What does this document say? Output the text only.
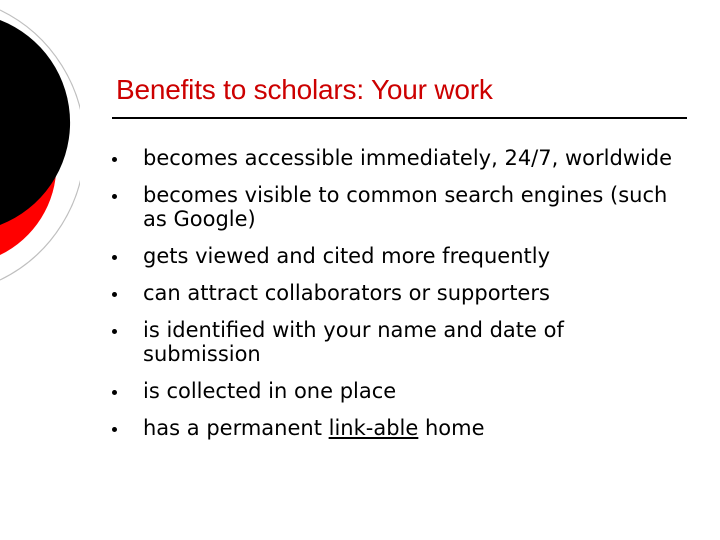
Benefits to scholars: Your work
becomes accessible immediately, 24/7, worldwide
becomes visible to common search engines (such as Google)
gets viewed and cited more frequently
can attract collaborators or supporters
is identified with your name and date of submission
is collected in one place
has a permanent link-able home
